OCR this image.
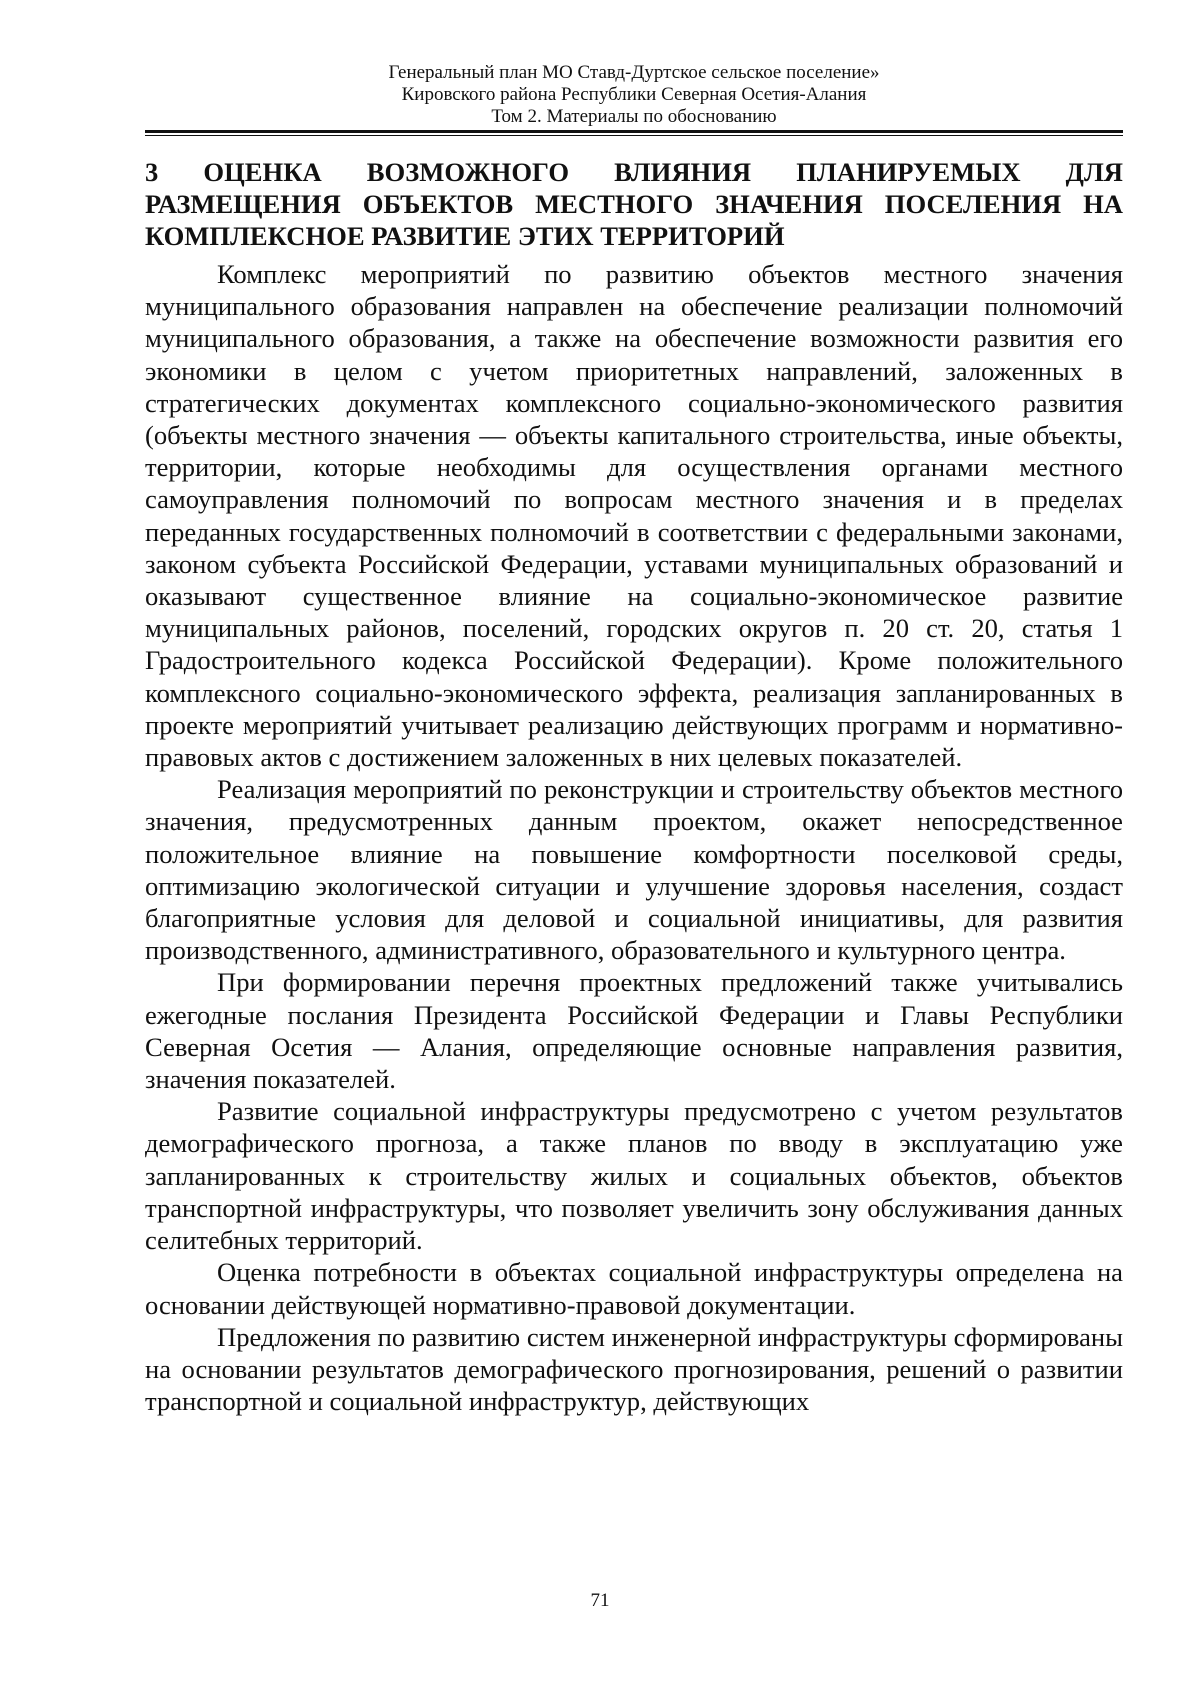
Генеральный план МО Ставд-Дуртское сельское поселение»
Кировского района Республики Северная Осетия-Алания
Том 2. Материалы по обоснованию
3 ОЦЕНКА ВОЗМОЖНОГО ВЛИЯНИЯ ПЛАНИРУЕМЫХ ДЛЯ РАЗМЕЩЕНИЯ ОБЪЕКТОВ МЕСТНОГО ЗНАЧЕНИЯ ПОСЕЛЕНИЯ НА КОМПЛЕКСНОЕ РАЗВИТИЕ ЭТИХ ТЕРРИТОРИЙ

Комплекс мероприятий по развитию объектов местного значения муниципального образования направлен на обеспечение реализации полномочий муниципального образования, а также на обеспечение возможности развития его экономики в целом с учетом приоритетных направлений, заложенных в стратегических документах комплексного социально-экономического развития (объекты местного значения — объекты капитального строительства, иные объекты, территории, которые необходимы для осуществления органами местного самоуправления полномочий по вопросам местного значения и в пределах переданных государственных полномочий в соответствии с федеральными законами, законом субъекта Российской Федерации, уставами муниципальных образований и оказывают существенное влияние на социально-экономическое развитие муниципальных районов, поселений, городских округов п. 20 ст. 20, статья 1 Градостроительного кодекса Российской Федерации). Кроме положительного комплексного социально-экономического эффекта, реализация запланированных в проекте мероприятий учитывает реализацию действующих программ и нормативно-правовых актов с достижением заложенных в них целевых показателей.

Реализация мероприятий по реконструкции и строительству объектов местного значения, предусмотренных данным проектом, окажет непосредственное положительное влияние на повышение комфортности поселковой среды, оптимизацию экологической ситуации и улучшение здоровья населения, создаст благоприятные условия для деловой и социальной инициативы, для развития производственного, административного, образовательного и культурного центра.

При формировании перечня проектных предложений также учитывались ежегодные послания Президента Российской Федерации и Главы Республики Северная Осетия — Алания, определяющие основные направления развития, значения показателей.

Развитие социальной инфраструктуры предусмотрено с учетом результатов демографического прогноза, а также планов по вводу в эксплуатацию уже запланированных к строительству жилых и социальных объектов, объектов транспортной инфраструктуры, что позволяет увеличить зону обслуживания данных селитебных территорий.

Оценка потребности в объектах социальной инфраструктуры определена на основании действующей нормативно-правовой документации.

Предложения по развитию систем инженерной инфраструктуры сформированы на основании результатов демографического прогнозирования, решений о развитии транспортной и социальной инфраструктур, действующих

71
